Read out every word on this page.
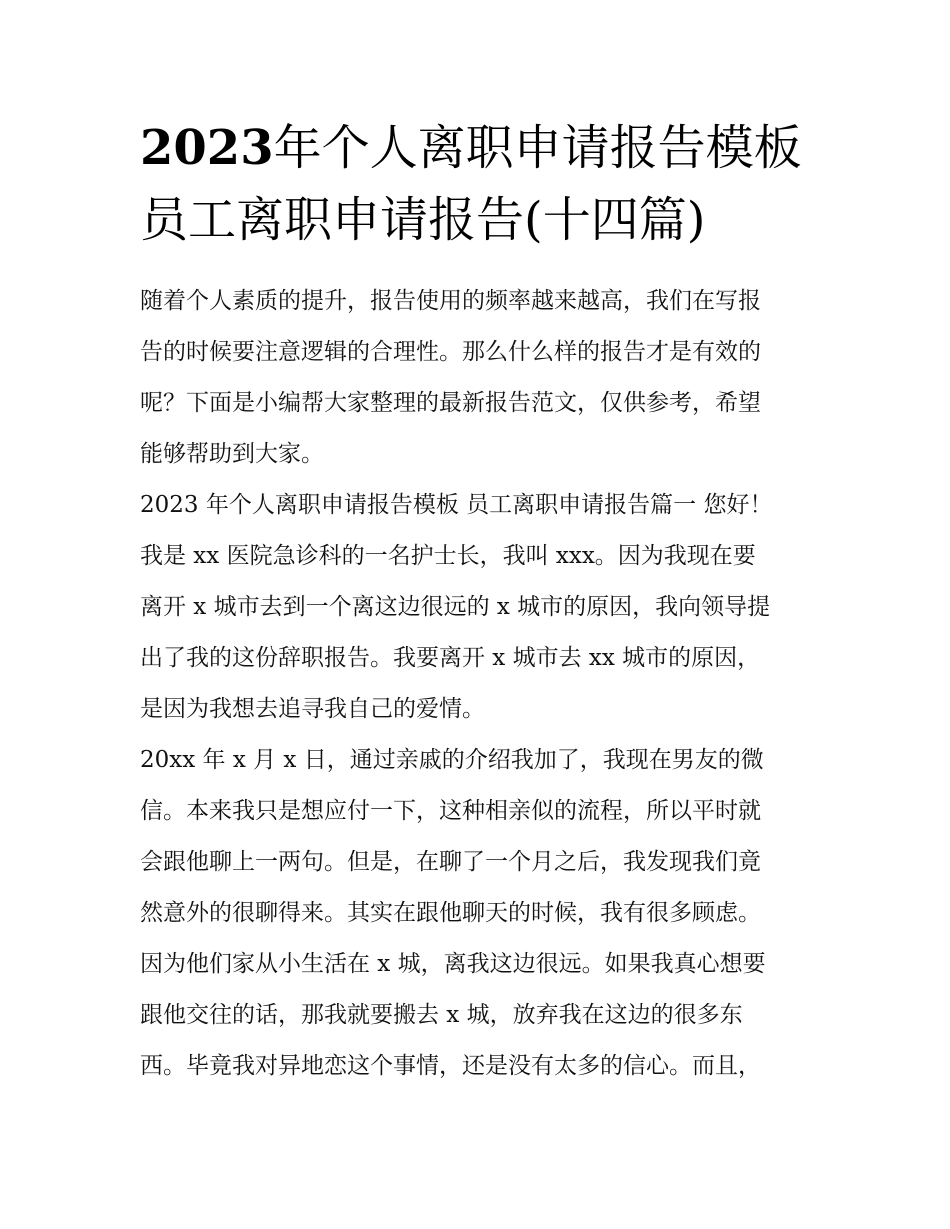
2023年个人离职申请报告模板
员工离职申请报告(十四篇)
随着个人素质的提升，报告使用的频率越来越高，我们在写报
告的时候要注意逻辑的合理性。那么什么样的报告才是有效的
呢？下面是小编帮大家整理的最新报告范文，仅供参考，希望
能够帮助到大家。
2023 年个人离职申请报告模板 员工离职申请报告篇一 您好！
我是 xx 医院急诊科的一名护士长，我叫 xxx。因为我现在要
离开 x 城市去到一个离这边很远的 x 城市的原因，我向领导提
出了我的这份辞职报告。我要离开 x 城市去 xx 城市的原因，
是因为我想去追寻我自己的爱情。
20xx 年 x 月 x 日，通过亲戚的介绍我加了，我现在男友的微
信。本来我只是想应付一下，这种相亲似的流程，所以平时就
会跟他聊上一两句。但是，在聊了一个月之后，我发现我们竟
然意外的很聊得来。其实在跟他聊天的时候，我有很多顾虑。
因为他们家从小生活在 x 城，离我这边很远。如果我真心想要
跟他交往的话，那我就要搬去 x 城，放弃我在这边的很多东
西。毕竟我对异地恋这个事情，还是没有太多的信心。而且，
